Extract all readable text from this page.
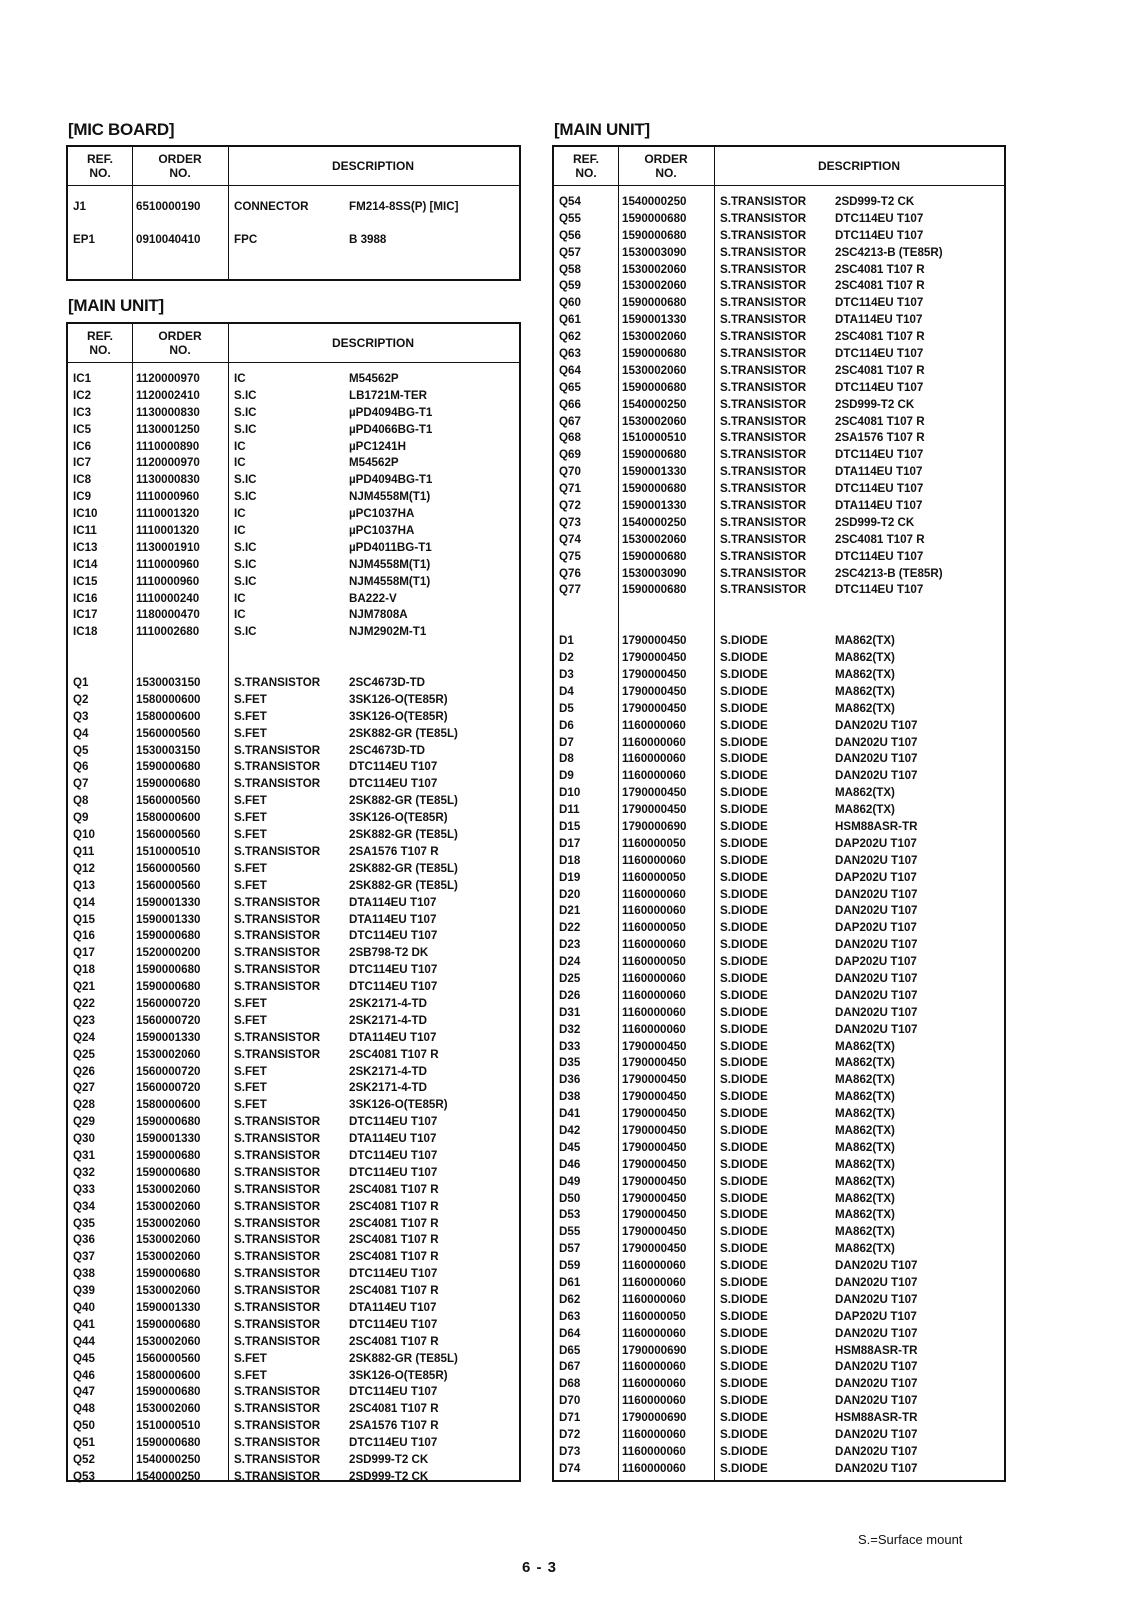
[MIC BOARD]
REF.
NO.
ORDER
NO.	DESCRIPTION
J1	6510000190	CONNECTOR	FM214-8SS(P) [MIC]
EP1	0910040410	FPC	B 3988
[MAIN UNIT]
REF.
NO.
ORDER
NO.	DESCRIPTION
IC1	1120000970	IC	M54562P
IC2	1120002410	S.IC	LB1721M-TER
IC3	1130000830	S.IC	µPD4094BG-T1
IC5	1130001250	S.IC	µPD4066BG-T1
IC6	1110000890	IC	µPC1241H
IC7	1120000970	IC	M54562P
IC8	1130000830	S.IC	µPD4094BG-T1
IC9	1110000960	S.IC	NJM4558M(T1)
IC10	1110001320	IC	µPC1037HA
IC11	1110001320	IC	µPC1037HA
IC13	1130001910	S.IC	µPD4011BG-T1
IC14	1110000960	S.IC	NJM4558M(T1)
IC15	1110000960	S.IC	NJM4558M(T1)
IC16	1110000240	IC	BA222-V
IC17	1180000470	IC	NJM7808A
IC18	1110002680	S.IC	NJM2902M-T1
Q1	1530003150	S.TRANSISTOR 2SC4673D-TD
Q2	1580000600	S.FET	3SK126-O(TE85R)
Q3	1580000600	S.FET	3SK126-O(TE85R)
Q4	1560000560	S.FET	2SK882-GR (TE85L)
Q5	1530003150	S.TRANSISTOR 2SC4673D-TD
Q6	1590000680	S.TRANSISTOR DTC114EU T107
Q7	1590000680	S.TRANSISTOR DTC114EU T107
Q8	1560000560	S.FET	2SK882-GR (TE85L)
Q9	1580000600	S.FET	3SK126-O(TE85R)
Q10	1560000560	S.FET	2SK882-GR (TE85L)
Q11	1510000510	S.TRANSISTOR 2SA1576 T107 R
Q12	1560000560	S.FET	2SK882-GR (TE85L)
Q13	1560000560	S.FET	2SK882-GR (TE85L)
Q14	1590001330	S.TRANSISTOR DTA114EU T107
Q15	1590001330	S.TRANSISTOR DTA114EU T107
Q16	1590000680	S.TRANSISTOR DTC114EU T107
Q17	1520000200	S.TRANSISTOR 2SB798-T2 DK
Q18	1590000680	S.TRANSISTOR DTC114EU T107
Q21	1590000680	S.TRANSISTOR DTC114EU T107
Q22	1560000720	S.FET	2SK2171-4-TD
Q23	1560000720	S.FET	2SK2171-4-TD
Q24	1590001330	S.TRANSISTOR DTA114EU T107
Q25	1530002060	S.TRANSISTOR 2SC4081 T107 R
Q26	1560000720	S.FET	2SK2171-4-TD
Q27	1560000720	S.FET	2SK2171-4-TD
Q28	1580000600	S.FET	3SK126-O(TE85R)
Q29	1590000680	S.TRANSISTOR DTC114EU T107
Q30	1590001330	S.TRANSISTOR DTA114EU T107
Q31	1590000680	S.TRANSISTOR DTC114EU T107
Q32	1590000680	S.TRANSISTOR DTC114EU T107
Q33	1530002060	S.TRANSISTOR 2SC4081 T107 R
Q34	1530002060	S.TRANSISTOR 2SC4081 T107 R
Q35	1530002060	S.TRANSISTOR 2SC4081 T107 R
Q36	1530002060	S.TRANSISTOR 2SC4081 T107 R
Q37	1530002060	S.TRANSISTOR 2SC4081 T107 R
Q38	1590000680	S.TRANSISTOR DTC114EU T107
Q39	1530002060	S.TRANSISTOR 2SC4081 T107 R
Q40	1590001330	S.TRANSISTOR DTA114EU T107
Q41	1590000680	S.TRANSISTOR DTC114EU T107
Q44	1530002060	S.TRANSISTOR 2SC4081 T107 R
Q45	1560000560	S.FET	2SK882-GR (TE85L)
Q46	1580000600	S.FET	3SK126-O(TE85R)
Q47	1590000680	S.TRANSISTOR DTC114EU T107
Q48	1530002060	S.TRANSISTOR 2SC4081 T107 R
Q50	1510000510	S.TRANSISTOR 2SA1576 T107 R
Q51	1590000680	S.TRANSISTOR DTC114EU T107
Q52	1540000250	S.TRANSISTOR 2SD999-T2 CK
Q53	1540000250	S.TRANSISTOR 2SD999-T2 CK
[MAIN UNIT]
REF.
NO.
ORDER
NO.	DESCRIPTION
Q54	1540000250	S.TRANSISTOR 2SD999-T2 CK
Q55	1590000680	S.TRANSISTOR DTC114EU T107
Q56	1590000680	S.TRANSISTOR DTC114EU T107
Q57	1530003090	S.TRANSISTOR 2SC4213-B (TE85R)
Q58	1530002060	S.TRANSISTOR 2SC4081 T107 R
Q59	1530002060	S.TRANSISTOR 2SC4081 T107 R
Q60	1590000680	S.TRANSISTOR DTC114EU T107
Q61	1590001330	S.TRANSISTOR DTA114EU T107
Q62	1530002060	S.TRANSISTOR 2SC4081 T107 R
Q63	1590000680	S.TRANSISTOR DTC114EU T107
Q64	1530002060	S.TRANSISTOR 2SC4081 T107 R
Q65	1590000680	S.TRANSISTOR DTC114EU T107
Q66	1540000250	S.TRANSISTOR 2SD999-T2 CK
Q67	1530002060	S.TRANSISTOR 2SC4081 T107 R
Q68	1510000510	S.TRANSISTOR 2SA1576 T107 R
Q69	1590000680	S.TRANSISTOR DTC114EU T107
Q70	1590001330	S.TRANSISTOR DTA114EU T107
Q71	1590000680	S.TRANSISTOR DTC114EU T107
Q72	1590001330	S.TRANSISTOR DTA114EU T107
Q73	1540000250	S.TRANSISTOR 2SD999-T2 CK
Q74	1530002060	S.TRANSISTOR 2SC4081 T107 R
Q75	1590000680	S.TRANSISTOR DTC114EU T107
Q76	1530003090	S.TRANSISTOR 2SC4213-B (TE85R)
Q77	1590000680	S.TRANSISTOR DTC114EU T107
D1	1790000450	S.DIODE	MA862(TX)
D2	1790000450	S.DIODE	MA862(TX)
D3	1790000450	S.DIODE	MA862(TX)
D4	1790000450	S.DIODE	MA862(TX)
D5	1790000450	S.DIODE	MA862(TX)
D6	1160000060	S.DIODE	DAN202U T107
D7	1160000060	S.DIODE	DAN202U T107
D8	1160000060	S.DIODE	DAN202U T107
D9	1160000060	S.DIODE	DAN202U T107
D10	1790000450	S.DIODE	MA862(TX)
D11	1790000450	S.DIODE	MA862(TX)
D15	1790000690	S.DIODE	HSM88ASR-TR
D17	1160000050	S.DIODE	DAP202U T107
D18	1160000060	S.DIODE	DAN202U T107
D19	1160000050	S.DIODE	DAP202U T107
D20	1160000060	S.DIODE	DAN202U T107
D21	1160000060	S.DIODE	DAN202U T107
D22	1160000050	S.DIODE	DAP202U T107
D23	1160000060	S.DIODE	DAN202U T107
D24	1160000050	S.DIODE	DAP202U T107
D25	1160000060	S.DIODE	DAN202U T107
D26	1160000060	S.DIODE	DAN202U T107
D31	1160000060	S.DIODE	DAN202U T107
D32	1160000060	S.DIODE	DAN202U T107
D33	1790000450	S.DIODE	MA862(TX)
D35	1790000450	S.DIODE	MA862(TX)
D36	1790000450	S.DIODE	MA862(TX)
D38	1790000450	S.DIODE	MA862(TX)
D41	1790000450	S.DIODE	MA862(TX)
D42	1790000450	S.DIODE	MA862(TX)
D45	1790000450	S.DIODE	MA862(TX)
D46	1790000450	S.DIODE	MA862(TX)
D49	1790000450	S.DIODE	MA862(TX)
D50	1790000450	S.DIODE	MA862(TX)
D53	1790000450	S.DIODE	MA862(TX)
D55	1790000450	S.DIODE	MA862(TX)
D57	1790000450	S.DIODE	MA862(TX)
D59	1160000060	S.DIODE	DAN202U T107
D61	1160000060	S.DIODE	DAN202U T107
D62	1160000060	S.DIODE	DAN202U T107
D63	1160000050	S.DIODE	DAP202U T107
D64	1160000060	S.DIODE	DAN202U T107
D65	1790000690	S.DIODE	HSM88ASR-TR
D67	1160000060	S.DIODE	DAN202U T107
D68	1160000060	S.DIODE	DAN202U T107
D70	1160000060	S.DIODE	DAN202U T107
D71	1790000690	S.DIODE	HSM88ASR-TR
D72	1160000060	S.DIODE	DAN202U T107
D73	1160000060	S.DIODE	DAN202U T107
D74	1160000060	S.DIODE	DAN202U T107
S.=Surface mount
6 - 3
